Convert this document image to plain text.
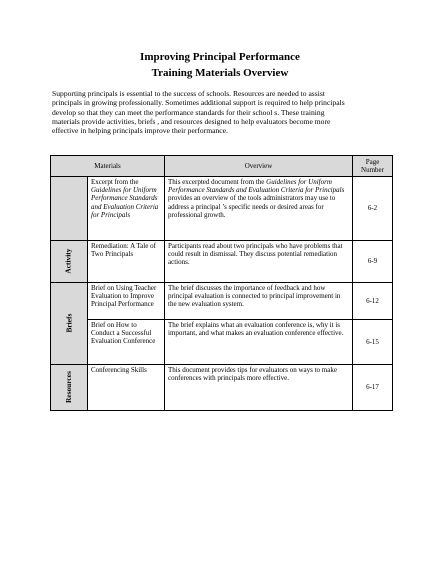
Improving Principal Performance
Training Materials Overview
Supporting principals is essential to the success of schools. Resources are needed to assist
principals in growing professionally. Sometimes additional support is required to help principals
develop so that they can meet the performance standards for their school s. These training
materials provide activities, briefs , and resources designed to help evaluators become more
effective in helping principals improve their performance.
Materials		Overview	Page Number
	Excerpt from the Guidelines for Uniform Performance Standards and Evaluation Criteria for Principals	This excerpted document from the Guidelines for Uniform Performance Standards and Evaluation Criteria for Principals provides an overview of the tools administrators may use to address a principal ’s specific needs or desired areas for professional growth.	6-2
Activity	Remediation: A Tale of Two Principals	Participants read about two principals who have problems that could result in dismissal. They discuss potential remediation actions.	6-9
Briefs	Brief on Using Teacher Evaluation to Improve Principal Performance	The brief discusses the importance of feedback and how principal evaluation is connected to principal improvement in the new evaluation system.	6-12
	Brief on How to Conduct a Successful Evaluation Conference	The brief explains what an evaluation conference is, why it is important, and what makes an evaluation conference effective.	6-15
Resources	Conferencing Skills	This document provides tips for evaluators on ways to make conferences with principals more effective.	6-17
